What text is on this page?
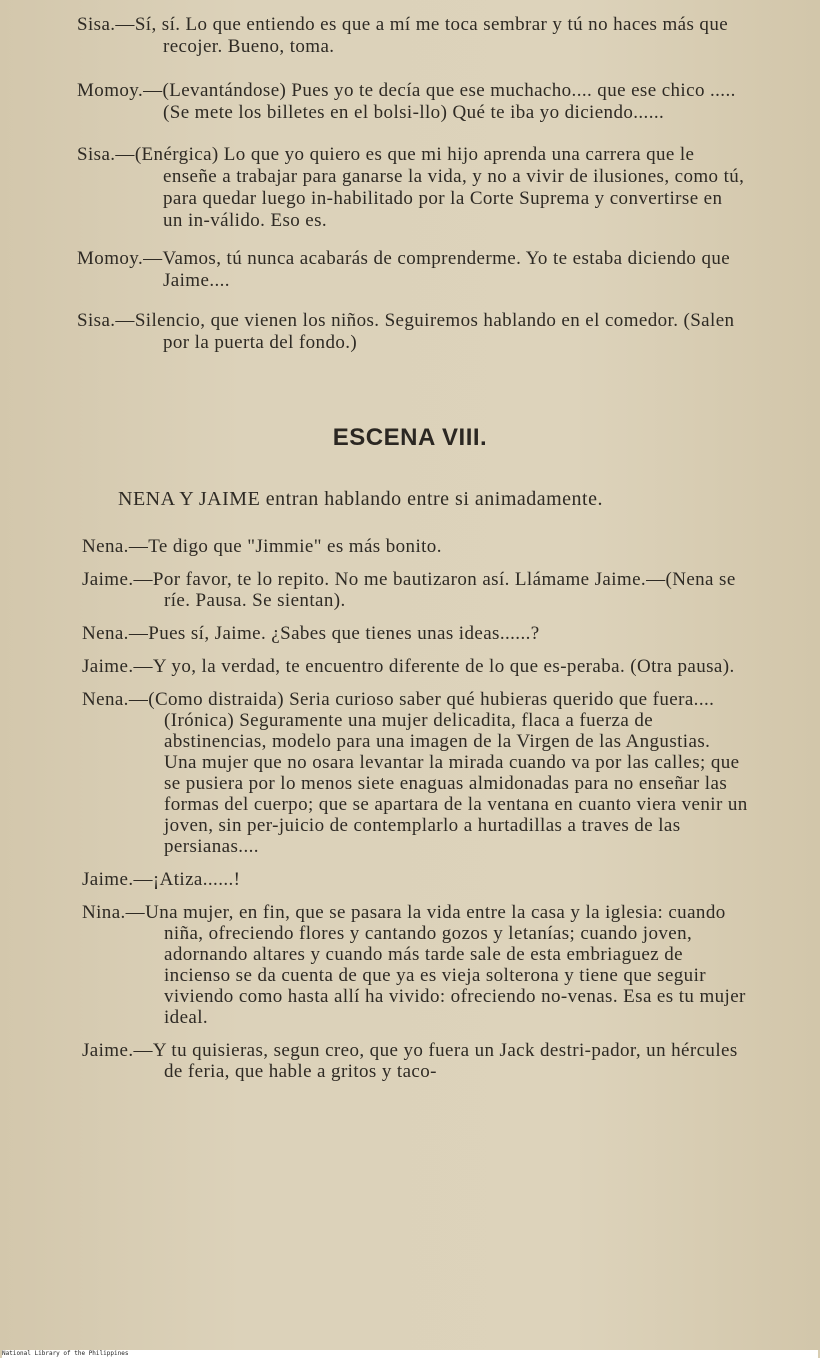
Sisa.—Sí, sí. Lo que entiendo es que a mí me toca sembrar y tú no haces más que recojer. Bueno, toma.

Momoy.—(Levantándose) Pues yo te decía que ese muchacho.... que ese chico ..... (Se mete los billetes en el bolsi-llo) Qué te iba yo diciendo......

Sisa.—(Enérgica) Lo que yo quiero es que mi hijo aprenda una carrera que le enseñe a trabajar para ganarse la vida, y no a vivir de ilusiones, como tú, para quedar luego in-habilitado por la Corte Suprema y convertirse en un in-válido. Eso es.

Momoy.—Vamos, tú nunca acabarás de comprenderme. Yo te estaba diciendo que Jaime....

Sisa.—Silencio, que vienen los niños. Seguiremos hablando en el comedor. (Salen por la puerta del fondo.)

ESCENA VIII.
NENA Y JAIME entran hablando entre si animadamente.

Nena.—Te digo que "Jimmie" es más bonito.

Jaime.—Por favor, te lo repito. No me bautizaron así. Llámame Jaime.—(Nena se ríe. Pausa. Se sientan).

Nena.—Pues sí, Jaime. ¿Sabes que tienes unas ideas......?

Jaime.—Y yo, la verdad, te encuentro diferente de lo que es-peraba. (Otra pausa).

Nena.—(Como distraida) Seria curioso saber qué hubieras querido que fuera....(Irónica) Seguramente una mujer delicadita, flaca a fuerza de abstinencias, modelo para una imagen de la Virgen de las Angustias. Una mujer que no osara levantar la mirada cuando va por las calles; que se pusiera por lo menos siete enaguas almidonadas para no enseñar las formas del cuerpo; que se apartara de la ventana en cuanto viera venir un joven, sin per-juicio de contemplarlo a hurtadillas a traves de las persianas....

Jaime.—¡Atiza......!

Nina.—Una mujer, en fin, que se pasara la vida entre la casa y la iglesia: cuando niña, ofreciendo flores y cantando gozos y letanías; cuando joven, adornando altares y cuando más tarde sale de esta embriaguez de incienso se da cuenta de que ya es vieja solterona y tiene que seguir viviendo como hasta allí ha vivido: ofreciendo no-venas. Esa es tu mujer ideal.

Jaime.—Y tu quisieras, segun creo, que yo fuera un Jack destri-pador, un hércules de feria, que hable a gritos y taco-

National Library of the Philippines
